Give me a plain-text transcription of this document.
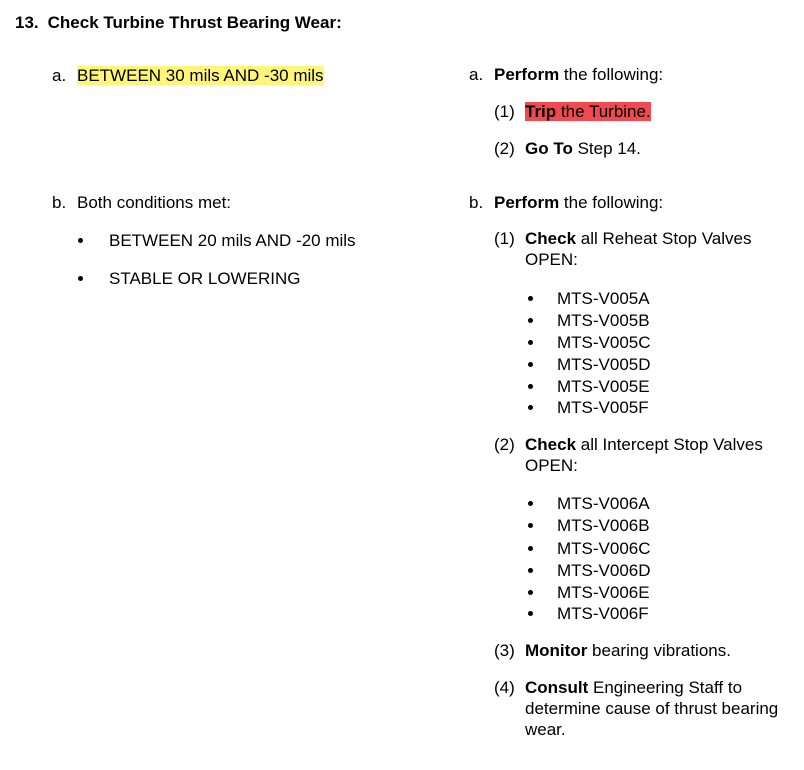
13. Check Turbine Thrust Bearing Wear:
a. BETWEEN 30 mils AND -30 mils
b. Both conditions met:
BETWEEN 20 mils AND -20 mils
STABLE OR LOWERING
a. Perform the following:
(1) Trip the Turbine.
(2) Go To Step 14.
b. Perform the following:
(1) Check all Reheat Stop Valves
OPEN:
MTS-V005A
MTS-V005B
MTS-V005C
MTS-V005D
MTS-V005E
MTS-V005F
(2) Check all Intercept Stop Valves
OPEN:
MTS-V006A
MTS-V006B
MTS-V006C
MTS-V006D
MTS-V006E
MTS-V006F
(3) Monitor bearing vibrations.
(4) Consult Engineering Staff to
determine cause of thrust bearing
wear.
